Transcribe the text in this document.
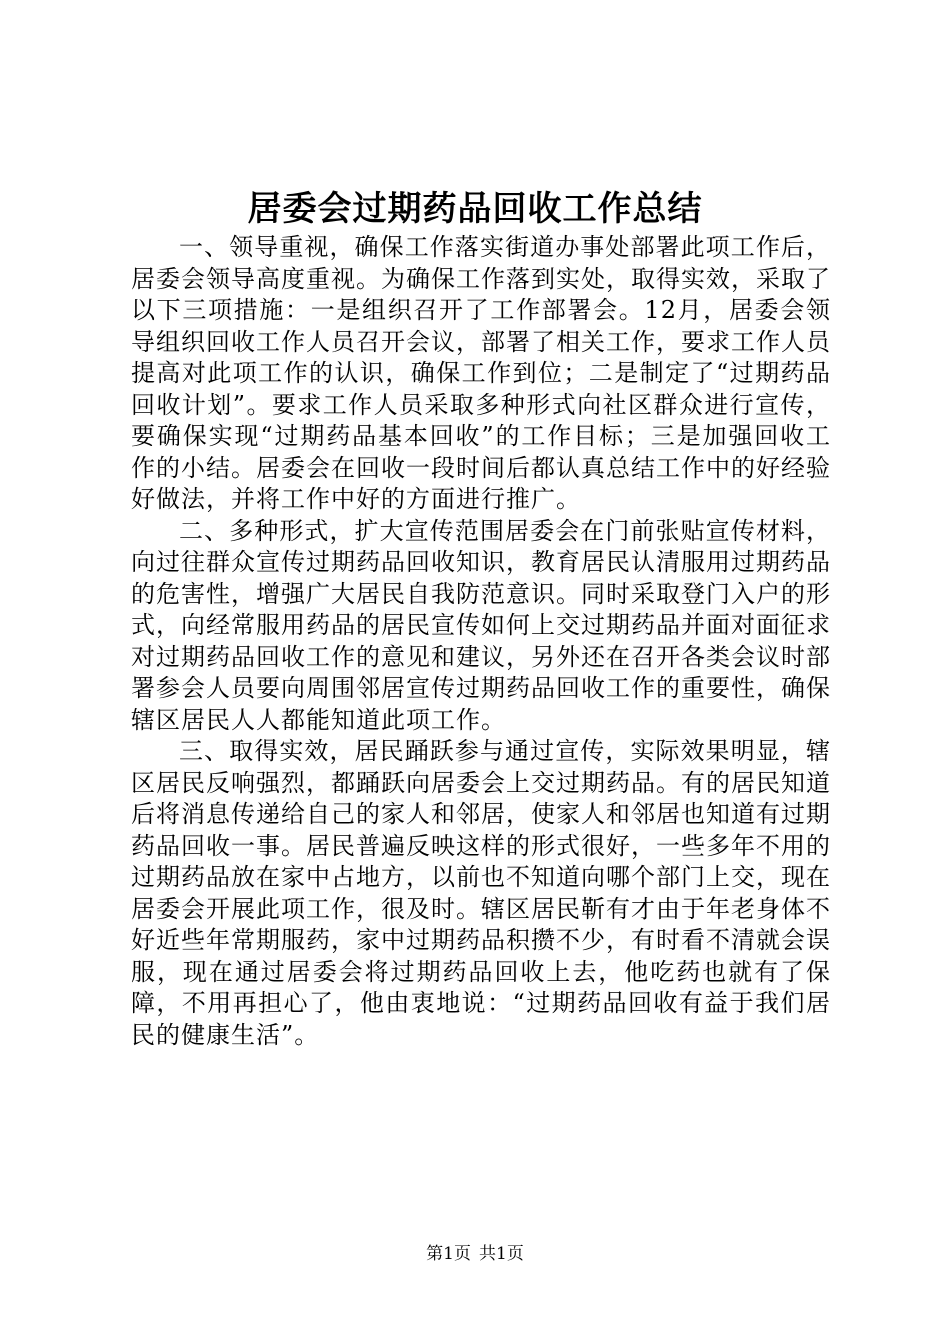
居委会过期药品回收工作总结

一、领导重视，确保工作落实街道办事处部署此项工作后，居委会领导高度重视。为确保工作落到实处，取得实效，采取了以下三项措施：一是组织召开了工作部署会。12月，居委会领导组织回收工作人员召开会议，部署了相关工作，要求工作人员提高对此项工作的认识，确保工作到位；二是制定了“过期药品回收计划”。要求工作人员采取多种形式向社区群众进行宣传，要确保实现“过期药品基本回收”的工作目标；三是加强回收工作的小结。居委会在回收一段时间后都认真总结工作中的好经验好做法，并将工作中好的方面进行推广。

二、多种形式，扩大宣传范围居委会在门前张贴宣传材料，向过往群众宣传过期药品回收知识，教育居民认清服用过期药品的危害性，增强广大居民自我防范意识。同时采取登门入户的形式，向经常服用药品的居民宣传如何上交过期药品并面对面征求对过期药品回收工作的意见和建议，另外还在召开各类会议时部署参会人员要向周围邻居宣传过期药品回收工作的重要性，确保辖区居民人人都能知道此项工作。

三、取得实效，居民踊跃参与通过宣传，实际效果明显，辖区居民反响强烈，都踊跃向居委会上交过期药品。有的居民知道后将消息传递给自己的家人和邻居，使家人和邻居也知道有过期药品回收一事。居民普遍反映这样的形式很好，一些多年不用的过期药品放在家中占地方，以前也不知道向哪个部门上交，现在居委会开展此项工作，很及时。辖区居民靳有才由于年老身体不好近些年常期服药，家中过期药品积攒不少，有时看不清就会误服，现在通过居委会将过期药品回收上去，他吃药也就有了保障，不用再担心了，他由衷地说：“过期药品回收有益于我们居民的健康生活”。

第1页 共1页
